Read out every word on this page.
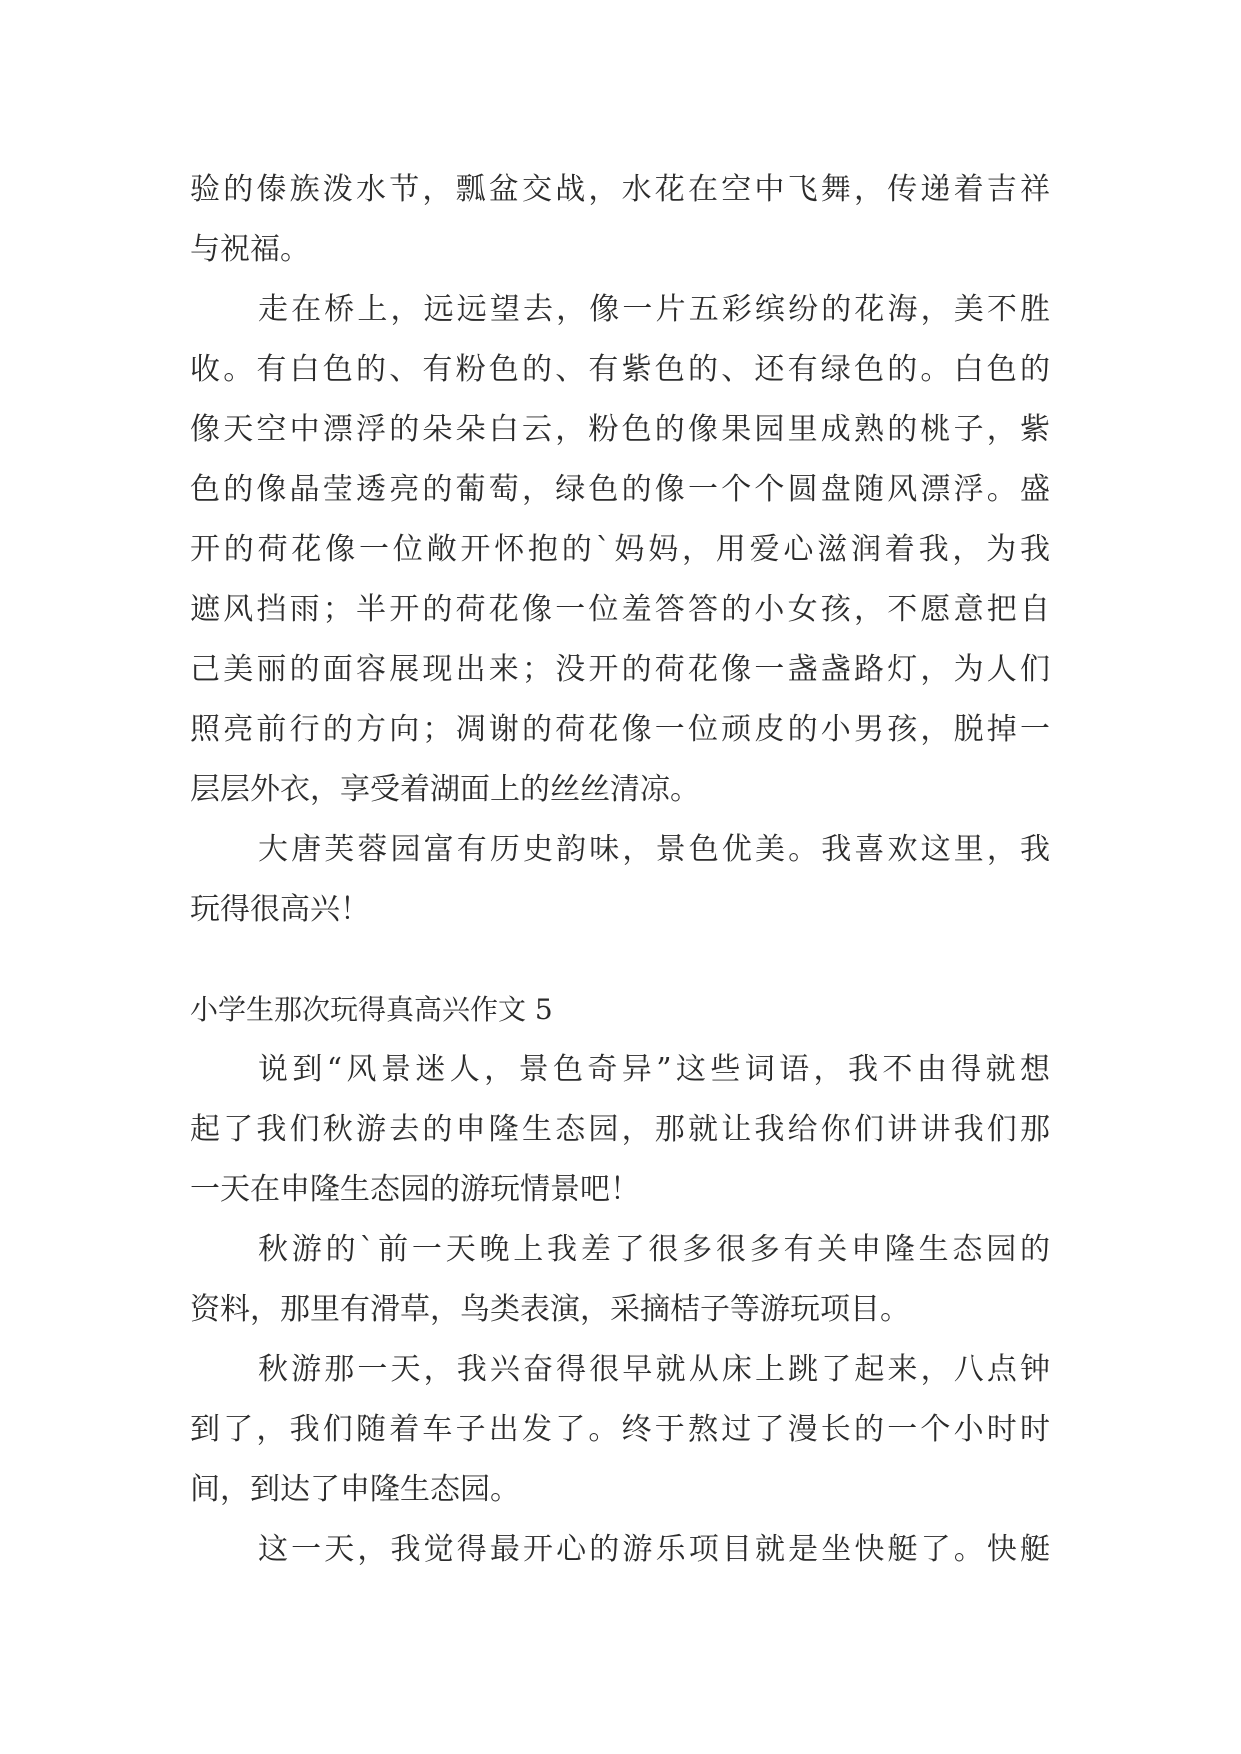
验的傣族泼水节，瓢盆交战，水花在空中飞舞，传递着吉祥
与祝福。
走在桥上，远远望去，像一片五彩缤纷的花海，美不胜
收。有白色的、有粉色的、有紫色的、还有绿色的。白色的
像天空中漂浮的朵朵白云，粉色的像果园里成熟的桃子，紫
色的像晶莹透亮的葡萄，绿色的像一个个圆盘随风漂浮。盛
开的荷花像一位敞开怀抱的`妈妈，用爱心滋润着我，为我
遮风挡雨；半开的荷花像一位羞答答的小女孩，不愿意把自
己美丽的面容展现出来；没开的荷花像一盏盏路灯，为人们
照亮前行的方向；凋谢的荷花像一位顽皮的小男孩，脱掉一
层层外衣，享受着湖面上的丝丝清凉。
大唐芙蓉园富有历史韵味，景色优美。我喜欢这里，我
玩得很高兴！
小学生那次玩得真高兴作文 5
说到“风景迷人，景色奇异”这些词语，我不由得就想
起了我们秋游去的申隆生态园，那就让我给你们讲讲我们那
一天在申隆生态园的游玩情景吧！
秋游的`前一天晚上我差了很多很多有关申隆生态园的
资料，那里有滑草，鸟类表演，采摘桔子等游玩项目。
秋游那一天，我兴奋得很早就从床上跳了起来，八点钟
到了，我们随着车子出发了。终于熬过了漫长的一个小时时
间，到达了申隆生态园。
这一天，我觉得最开心的游乐项目就是坐快艇了。快艇
